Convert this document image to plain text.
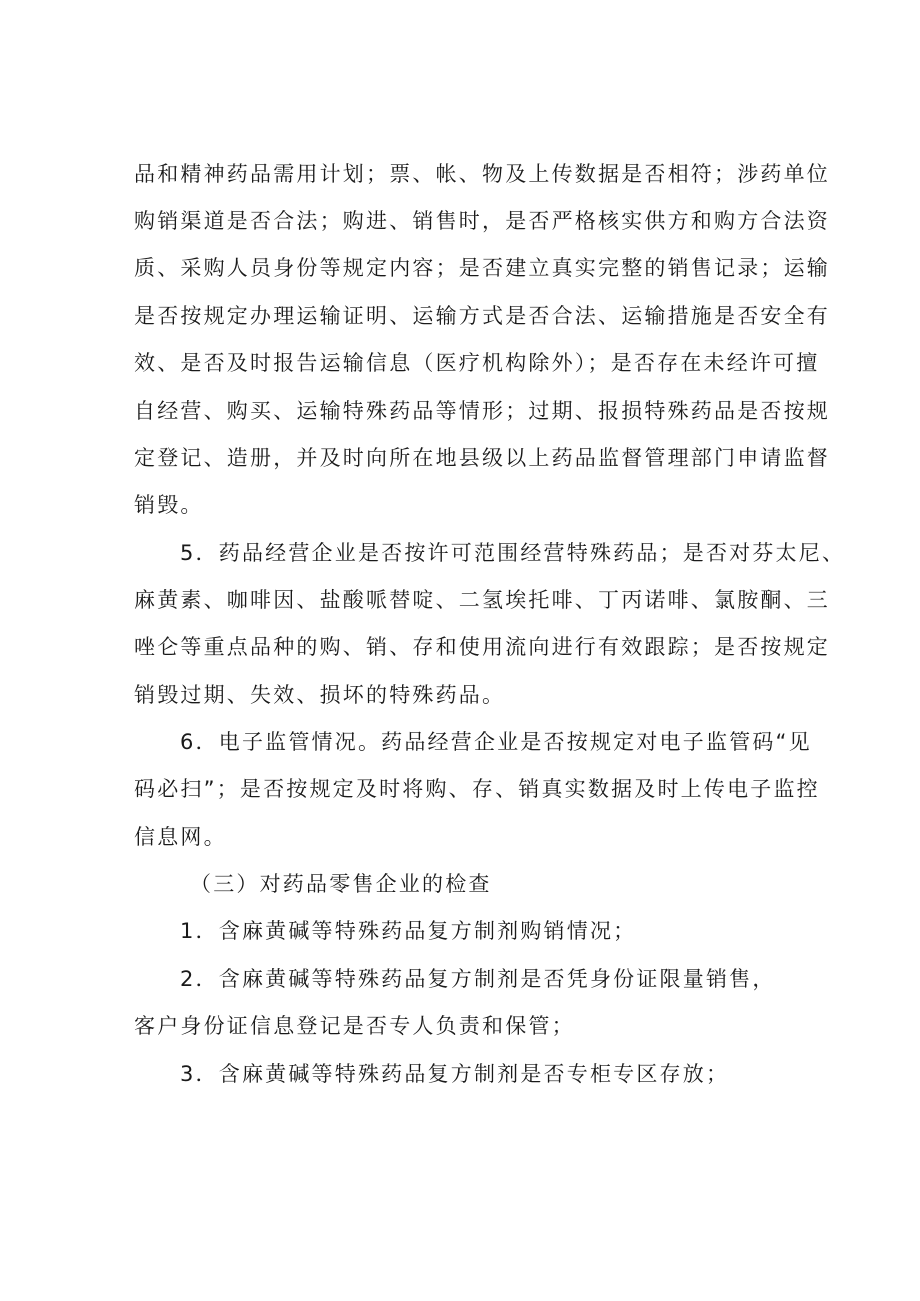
品和精神药品需用计划；票、帐、物及上传数据是否相符；涉药单位
购销渠道是否合法；购进、销售时，是否严格核实供方和购方合法资
质、采购人员身份等规定内容；是否建立真实完整的销售记录；运输
是否按规定办理运输证明、运输方式是否合法、运输措施是否安全有
效、是否及时报告运输信息（医疗机构除外）；是否存在未经许可擅
自经营、购买、运输特殊药品等情形；过期、报损特殊药品是否按规
定登记、造册，并及时向所在地县级以上药品监督管理部门申请监督
销毁。
5．药品经营企业是否按许可范围经营特殊药品；是否对芬太尼、
麻黄素、咖啡因、盐酸哌替啶、二氢埃托啡、丁丙诺啡、氯胺酮、三
唑仑等重点品种的购、销、存和使用流向进行有效跟踪；是否按规定
销毁过期、失效、损坏的特殊药品。
6．电子监管情况。药品经营企业是否按规定对电子监管码“见
码必扫”；是否按规定及时将购、存、销真实数据及时上传电子监控
信息网。
（三）对药品零售企业的检查
1．含麻黄碱等特殊药品复方制剂购销情况；
2．含麻黄碱等特殊药品复方制剂是否凭身份证限量销售，
客户身份证信息登记是否专人负责和保管；
3．含麻黄碱等特殊药品复方制剂是否专柜专区存放；
